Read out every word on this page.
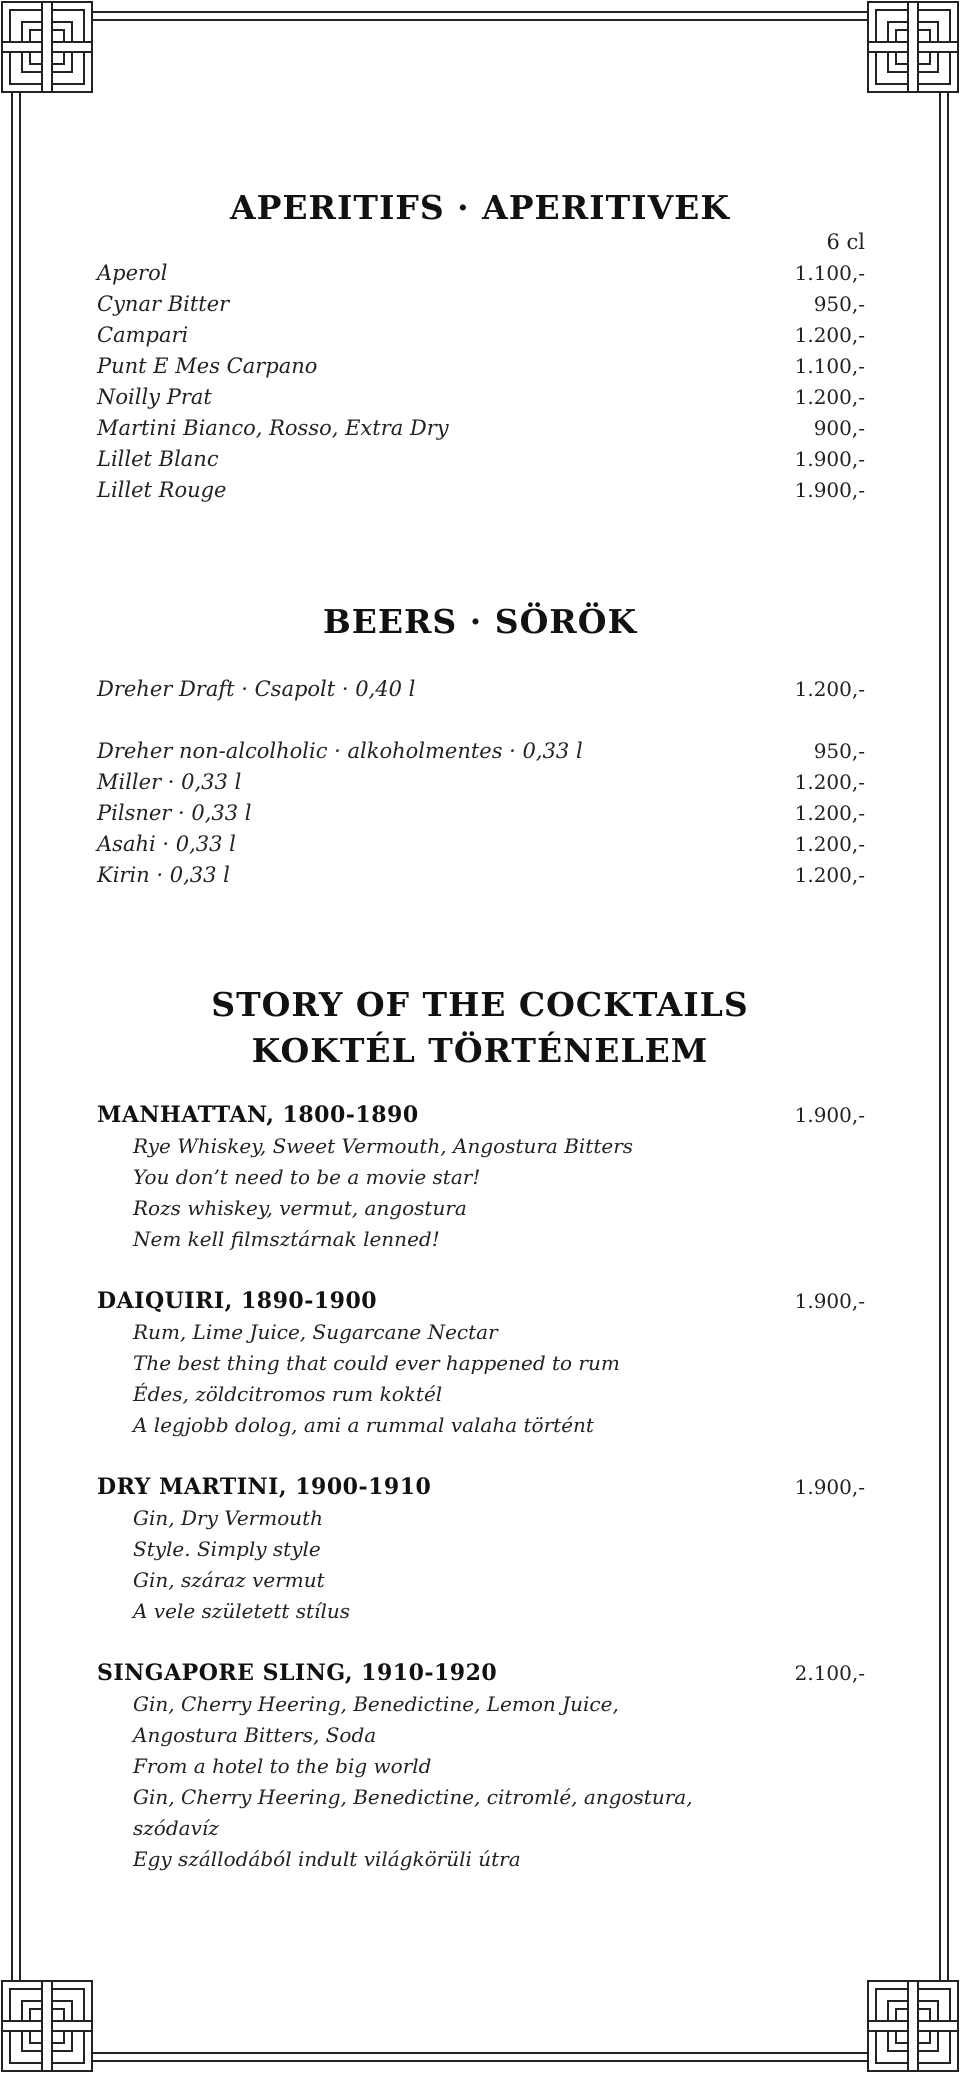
APERITIFS · APERITIVEK
6 cl
Aperol	1.100,-
Cynar Bitter	950,-
Campari	1.200,-
Punt E Mes Carpano	1.100,-
Noilly Prat	1.200,-
Martini Bianco, Rosso, Extra Dry	900,-
Lillet Blanc	1.900,-
Lillet Rouge	1.900,-
BEERS · SÖRÖK
Dreher Draft · Csapolt · 0,40 l	1.200,-
Dreher non-alcolholic · alkoholmentes · 0,33 l	950,-
Miller · 0,33 l	1.200,-
Pilsner · 0,33 l	1.200,-
Asahi · 0,33 l	1.200,-
Kirin · 0,33 l	1.200,-
STORY OF THE COCKTAILS
KOKTÉL TÖRTÉNELEM
MANHATTAN, 1800-1890	1.900,-
Rye Whiskey, Sweet Vermouth, Angostura Bitters
You don’t need to be a movie star!
Rozs whiskey, vermut, angostura
Nem kell filmsztárnak lenned!
DAIQUIRI, 1890-1900	1.900,-
Rum, Lime Juice, Sugarcane Nectar
The best thing that could ever happened to rum
Édes, zöldcitromos rum koktél
A legjobb dolog, ami a rummal valaha történt
DRY MARTINI, 1900-1910	1.900,-
Gin, Dry Vermouth
Style. Simply style
Gin, száraz vermut
A vele született stílus
SINGAPORE SLING, 1910-1920	2.100,-
Gin, Cherry Heering, Benedictine, Lemon Juice,
Angostura Bitters, Soda
From a hotel to the big world
Gin, Cherry Heering, Benedictine, citromlé, angostura,
szódavíz
Egy szállodából indult világkörüli útra
